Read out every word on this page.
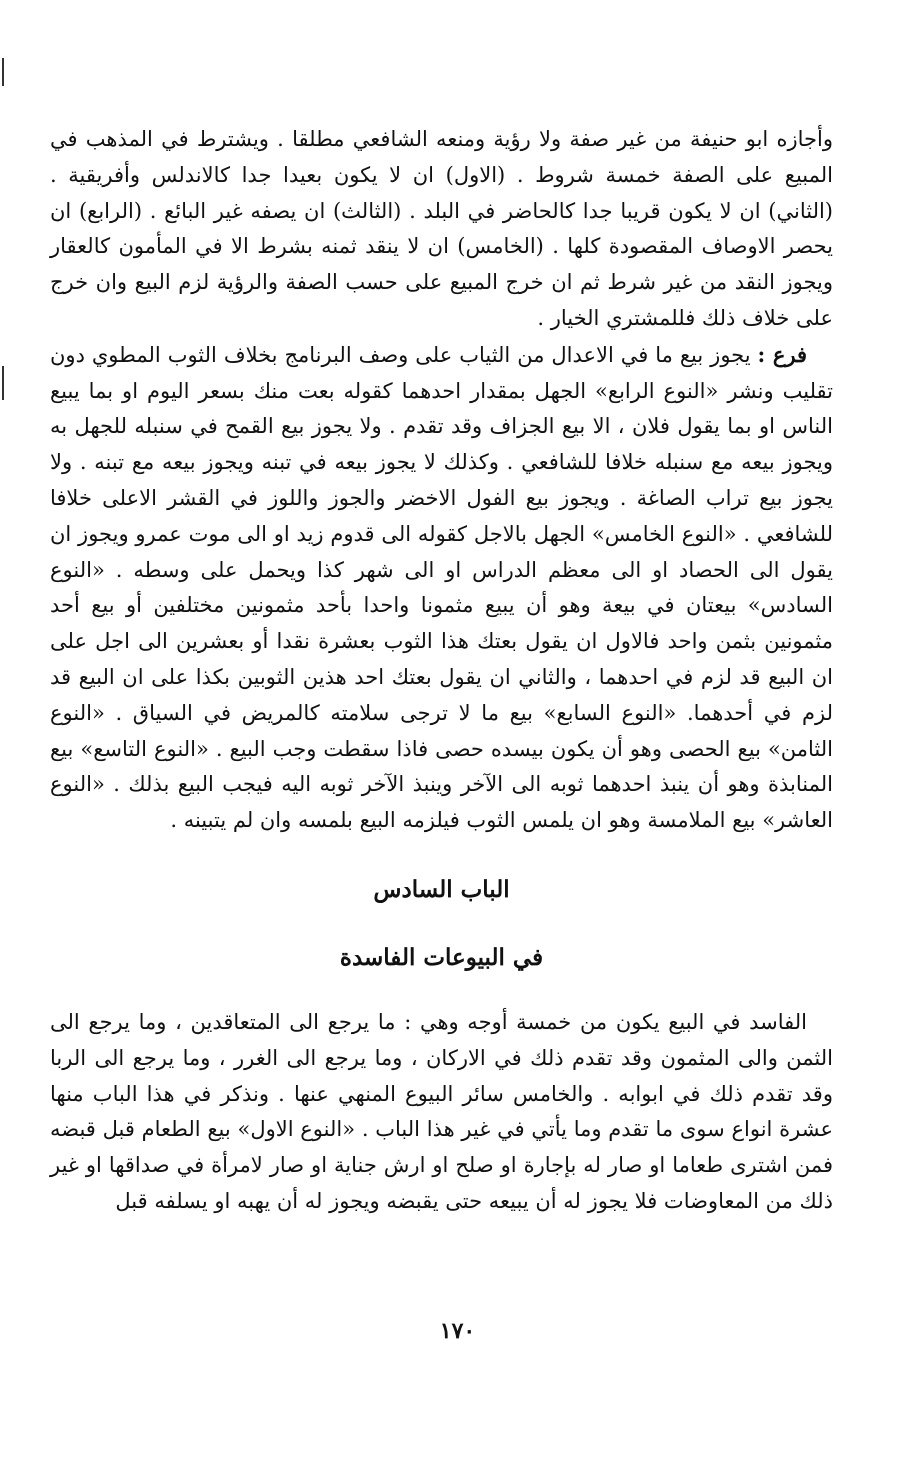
وأجازه ابو حنيفة من غير صفة ولا رؤية ومنعه الشافعي مطلقا . ويشترط في المذهب في المبيع على الصفة خمسة شروط . (الاول) ان لا يكون بعيدا جدا كالاندلس وأفريقية . (الثاني) ان لا يكون قريبا جدا كالحاضر في البلد . (الثالث) ان يصفه غير البائع . (الرابع) ان يحصر الاوصاف المقصودة كلها . (الخامس) ان لا ينقد ثمنه بشرط الا في المأمون كالعقار ويجوز النقد من غير شرط ثم ان خرج المبيع على حسب الصفة والرؤية لزم البيع وان خرج على خلاف ذلك فللمشتري الخيار .

فرع : يجوز بيع ما في الاعدال من الثياب على وصف البرنامج بخلاف الثوب المطوي دون تقليب ونشر «النوع الرابع» الجهل بمقدار احدهما كقوله بعت منك بسعر اليوم او بما يبيع الناس او بما يقول فلان ، الا بيع الجزاف وقد تقدم . ولا يجوز بيع القمح في سنبله للجهل به ويجوز بيعه مع سنبله خلافا للشافعي . وكذلك لا يجوز بيعه في تبنه ويجوز بيعه مع تبنه . ولا يجوز بيع تراب الصاغة . ويجوز بيع الفول الاخضر والجوز واللوز في القشر الاعلى خلافا للشافعي . «النوع الخامس» الجهل بالاجل كقوله الى قدوم زيد او الى موت عمرو ويجوز ان يقول الى الحصاد او الى معظم الدراس او الى شهر كذا ويحمل على وسطه . «النوع السادس» بيعتان في بيعة وهو أن يبيع مثمونا واحدا بأحد مثمونين مختلفين أو بيع أحد مثمونين بثمن واحد فالاول ان يقول بعتك هذا الثوب بعشرة نقدا أو بعشرين الى اجل على ان البيع قد لزم في احدهما ، والثاني ان يقول بعتك احد هذين الثوبين بكذا على ان البيع قد لزم في أحدهما. «النوع السابع» بيع ما لا ترجى سلامته كالمريض في السياق . «النوع الثامن» بيع الحصى وهو أن يكون بيسده حصى فاذا سقطت وجب البيع . «النوع التاسع» بيع المنابذة وهو أن ينبذ احدهما ثوبه الى الآخر وينبذ الآخر ثوبه اليه فيجب البيع بذلك . «النوع العاشر» بيع الملامسة وهو ان يلمس الثوب فيلزمه البيع بلمسه وان لم يتبينه .

الباب السادس
في البيوعات الفاسدة

الفاسد في البيع يكون من خمسة أوجه وهي : ما يرجع الى المتعاقدين ، وما يرجع الى الثمن والى المثمون وقد تقدم ذلك في الاركان ، وما يرجع الى الغرر ، وما يرجع الى الربا وقد تقدم ذلك في ابوابه . والخامس سائر البيوع المنهي عنها . ونذكر في هذا الباب منها عشرة انواع سوى ما تقدم وما يأتي في غير هذا الباب . «النوع الاول» بيع الطعام قبل قبضه فمن اشترى طعاما او صار له بإجارة او صلح او ارش جناية او صار لامرأة في صداقها او غير ذلك من المعاوضات فلا يجوز له أن يبيعه حتى يقبضه ويجوز له أن يهبه او يسلفه قبل

١٧٠
